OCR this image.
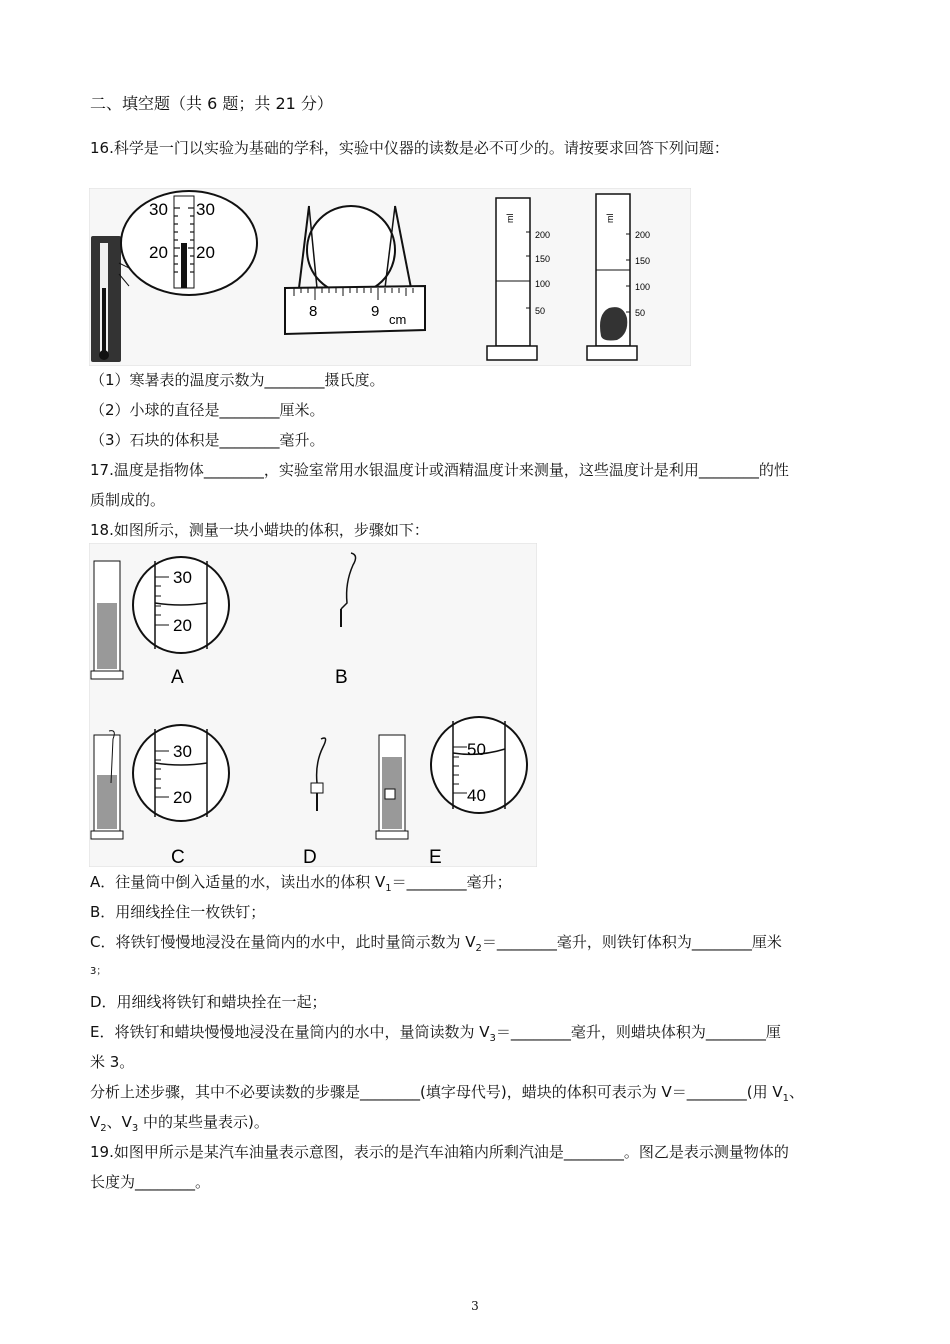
二、填空题（共 6 题；共 21 分）
16.科学是一门以实验为基础的学科，实验中仪器的读数是必不可少的。请按要求回答下列问题：
30 30
20 20
8	9 cm
ml
200
150
100
50
ml
200
150
100
50
（1）寒暑表的温度示数为________摄氏度。
（2）小球的直径是________厘米。
（3）石块的体积是________毫升。
17.温度是指物体________，实验室常用水银温度计或酒精温度计来测量，这些温度计是利用________的性
质制成的。
18.如图所示，测量一块小蜡块的体积，步骤如下：
30
20
A	B
30
20
C	D
50
40
E
A．往量筒中倒入适量的水，读出水的体积 $V_1=\_\_\_\_\_\_\_\_$毫升；
B．用细线拴住一枚铁钉；
C．将铁钉慢慢地浸没在量筒内的水中，此时量筒示数为 $V_2=\_\_\_\_\_\_\_\_$毫升，则铁钉体积为________厘米
3；
D．用细线将铁钉和蜡块拴在一起；
E．将铁钉和蜡块慢慢地浸没在量筒内的水中，量筒读数为 $V_3=\_\_\_\_\_\_\_\_$毫升，则蜡块体积为________厘
米 3。
分析上述步骤，其中不必要读数的步骤是________(填字母代号)，蜡块的体积可表示为 V＝________(用 $V_1$、
$V_2$、$V_3$ 中的某些量表示)。
19.如图甲所示是某汽车油量表示意图，表示的是汽车油箱内所剩汽油是________。图乙是表示测量物体的
长度为________。
3
